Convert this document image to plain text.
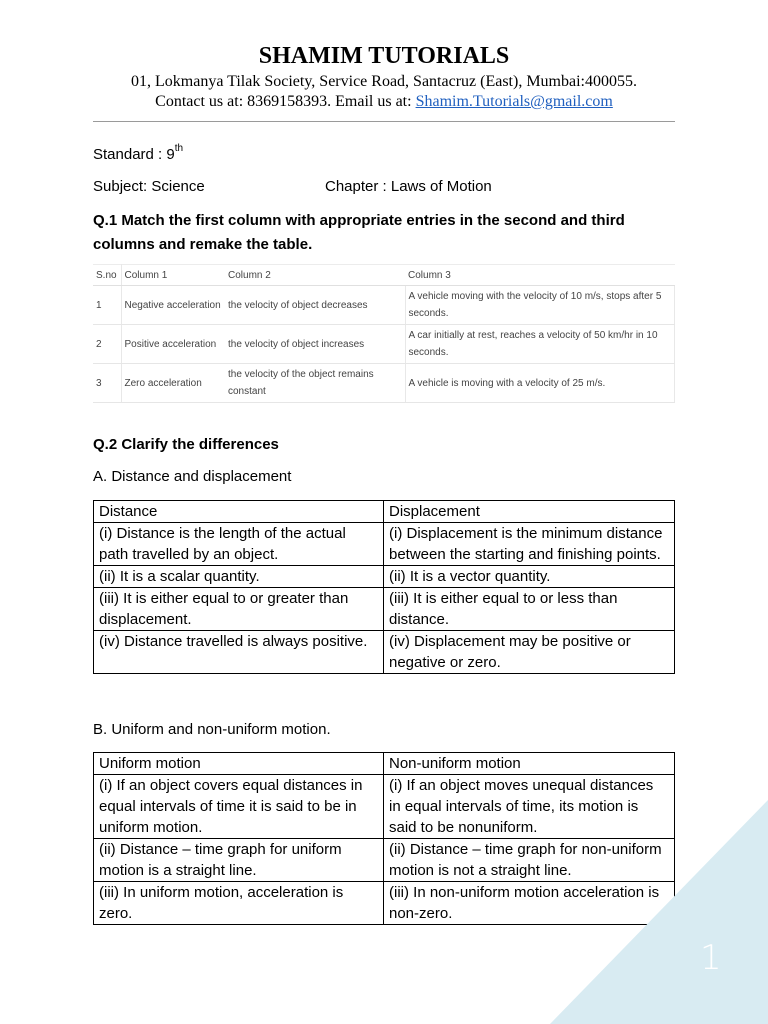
SHAMIM TUTORIALS
01, Lokmanya Tilak Society, Service Road, Santacruz (East), Mumbai:400055.
Contact us at: 8369158393. Email us at: Shamim.Tutorials@gmail.com
Standard : 9th
Subject: Science	Chapter : Laws of Motion
Q.1 Match the first column with appropriate entries in the second and third columns and remake the table.
S.no	Column 1	Column 2	Column 3
1	Negative acceleration	the velocity of object decreases	A vehicle moving with the velocity of 10 m/s, stops after 5 seconds.
2	Positive acceleration	the velocity of object increases	A car initially at rest, reaches a velocity of 50 km/hr in 10 seconds.
3	Zero acceleration	the velocity of the object remains constant	A vehicle is moving with a velocity of 25 m/s.
Q.2 Clarify the differences
A. Distance and displacement
Distance	Displacement
(i) Distance is the length of the actual path travelled by an object.	(i) Displacement is the minimum distance between the starting and finishing points.
(ii) It is a scalar quantity.	(ii) It is a vector quantity.
(iii) It is either equal to or greater than displacement.	(iii) It is either equal to or less than distance.
(iv) Distance travelled is always positive.	(iv) Displacement may be positive or negative or zero.
B. Uniform and non-uniform motion.
Uniform motion	Non-uniform motion
(i) If an object covers equal distances in equal intervals of time it is said to be in uniform motion.	(i) If an object moves unequal distances in equal intervals of time, its motion is said to be nonuniform.
(ii) Distance – time graph for uniform motion is a straight line.	(ii) Distance – time graph for non-uniform motion is not a straight line.
(iii) In uniform motion, acceleration is zero.	(iii) In non-uniform motion acceleration is non-zero.
1
